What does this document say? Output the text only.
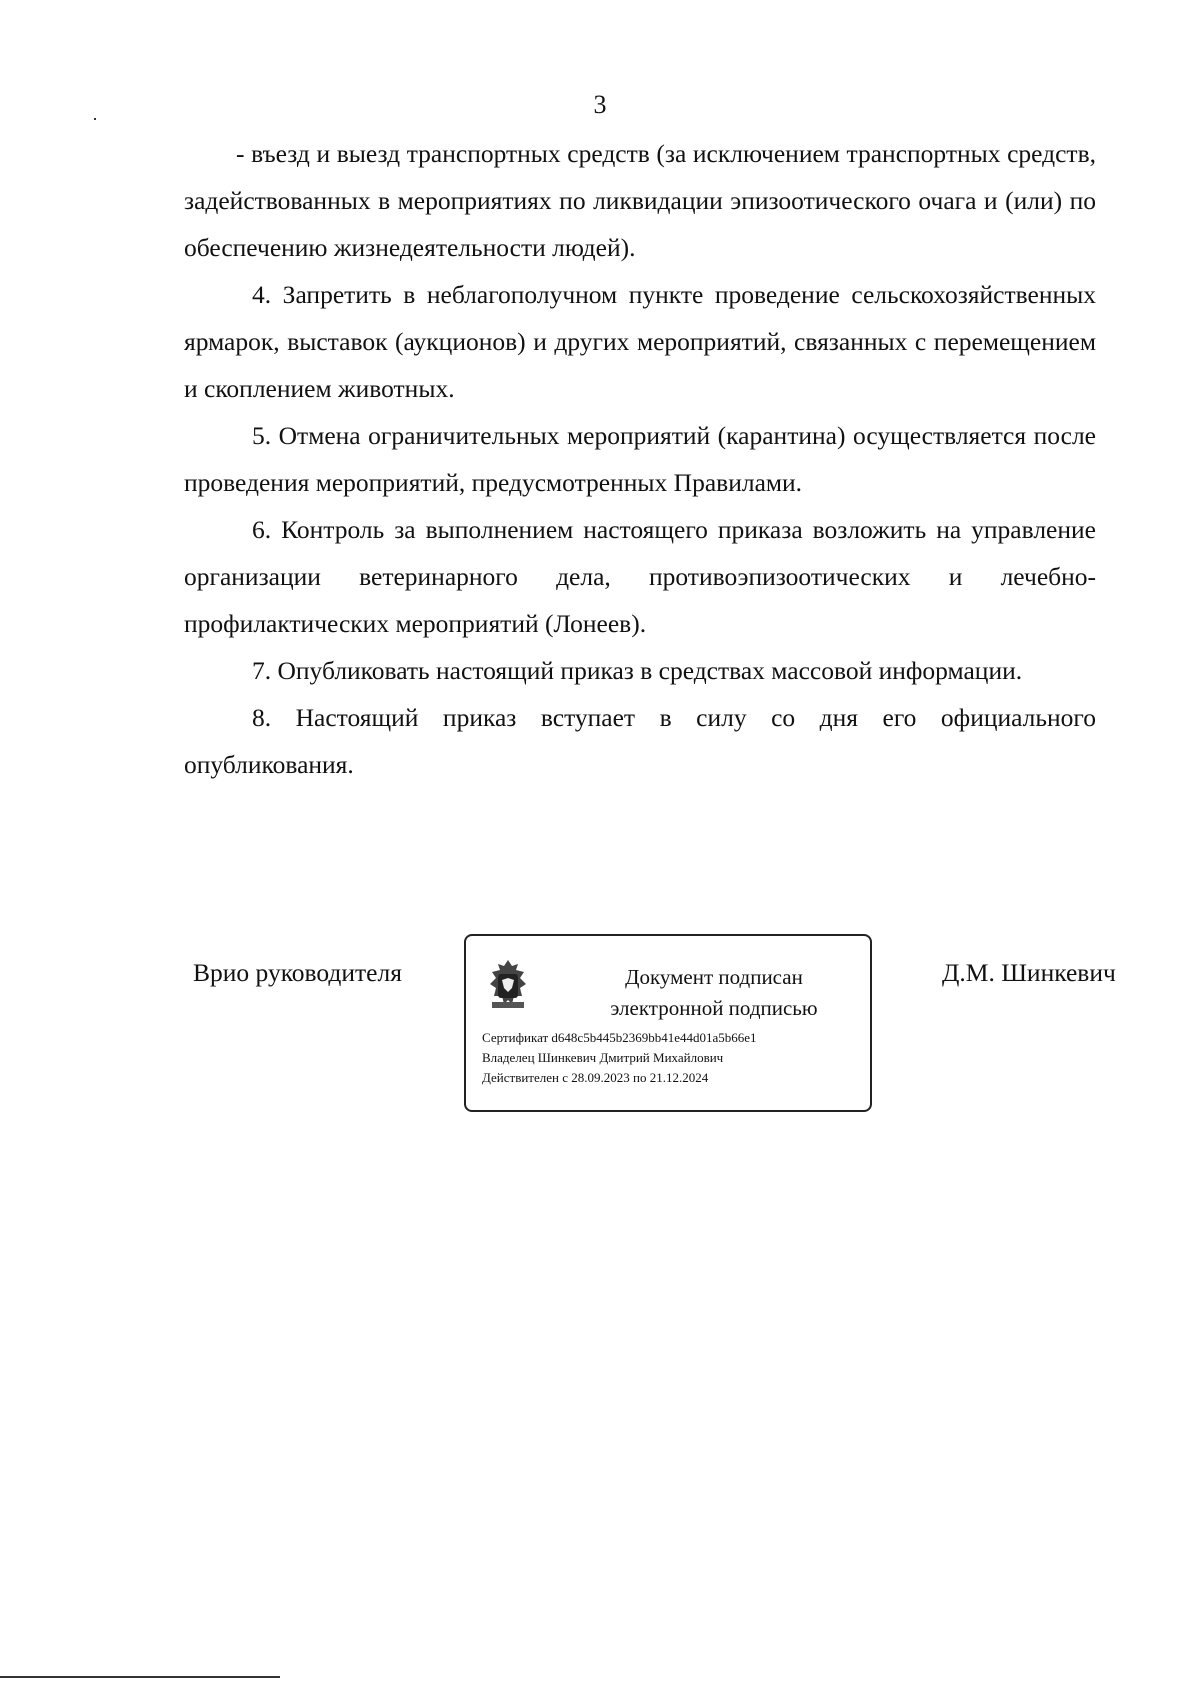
3

- въезд и выезд транспортных средств (за исключением транспортных средств, задействованных в мероприятиях по ликвидации эпизоотического очага и (или) по обеспечению жизнедеятельности людей).

4. Запретить в неблагополучном пункте проведение сельскохозяйственных ярмарок, выставок (аукционов) и других мероприятий, связанных с перемещением и скоплением животных.

5. Отмена ограничительных мероприятий (карантина) осуществляется после проведения мероприятий, предусмотренных Правилами.

6. Контроль за выполнением настоящего приказа возложить на управление организации ветеринарного дела, противоэпизоотических и лечебно-профилактических мероприятий (Лонеев).

7. Опубликовать настоящий приказ в средствах массовой информации.

8. Настоящий приказ вступает в силу со дня его официального опубликования.

Врио руководителя	Документ подписан
электронной подписью
Сертификат d648c5b445b2369bb41e44d01a5b66e1
Владелец Шинкевич Дмитрий Михайлович
Действителен с 28.09.2023 по 21.12.2024
Д.М. Шинкевич
